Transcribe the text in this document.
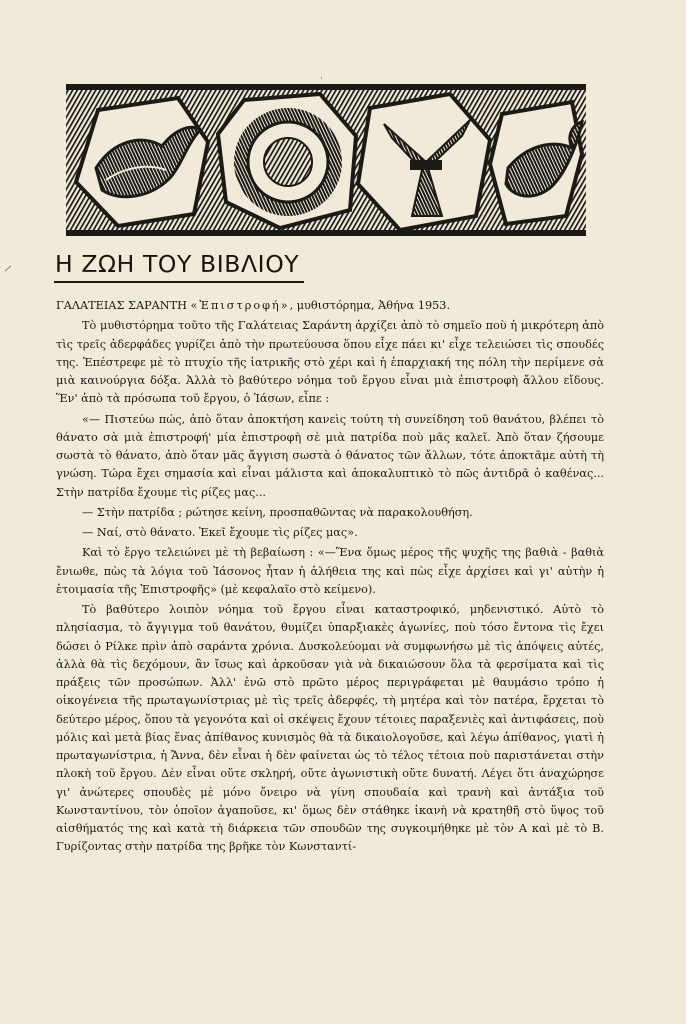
·
Η ΖΩΗ ΤΟΥ ΒΙΒΛΙΟΥ

ΓΑΛΑΤΕΙΑΣ ΣΑΡΑΝΤΗ «Ἐπιστροφή», μυθιστόρημα, Ἀθήνα 1953.

Τὸ μυθιστόρημα τοῦτο τῆς Γαλάτειας Σαράντη ἀρχίζει ἀπὸ τὸ σημεῖο ποὺ ἡ μικρότερη ἀπὸ τὶς τρεῖς ἀδερφάδες γυρίζει ἀπὸ τὴν πρωτεύουσα ὅπου εἶχε πάει κι' εἶχε τελειώσει τὶς σπουδές της. Ἐπέστρεφε μὲ τὸ πτυχίο τῆς ἰατρικῆς στὸ χέρι καὶ ἡ ἐπαρχιακή της πόλη τὴν περίμενε σὰ μιὰ καινούργια δόξα. Ἀλλὰ τὸ βαθύτερο νόημα τοῦ ἔργου εἶναι μιὰ ἐπιστροφὴ ἄλλου εἴδους. Ἕν' ἀπὸ τὰ πρόσωπα τοῦ ἔργου, ὁ Ἰάσων, εἶπε :

«— Πιστεύω πώς, ἀπὸ ὅταν ἀποκτήση κανεὶς τούτη τὴ συνείδηση τοῦ θανάτου, βλέπει τὸ θάνατο σὰ μιὰ ἐπιστροφή' μία ἐπιστροφὴ σὲ μιὰ πατρίδα ποὺ μᾶς καλεῖ. Ἀπὸ ὅταν ζήσουμε σωστὰ τὸ θάνατο, ἀπὸ ὅταν μᾶς ἄγγιση σωστὰ ὁ θάνατος τῶν ἄλλων, τότε ἀποκτᾶμε αὐτὴ τὴ γνώση. Τώρα ἔχει σημασία καὶ εἶναι μάλιστα καὶ ἀποκαλυπτικὸ τὸ πῶς ἀντιδρᾶ ὁ καθένας... Στὴν πατρίδα ἔχουμε τὶς ρίζες μας...

— Στὴν πατρίδα ; ρώτησε κείνη, προσπαθῶντας νὰ παρακολουθήση.

— Ναί, στὸ θάνατο. Ἐκεῖ ἔχουμε τὶς ρίζες μας».

Καὶ τὸ ἔργο τελειώνει μὲ τὴ βεβαίωση : «—Ἕνα ὅμως μέρος τῆς ψυχῆς της βαθιὰ - βαθιὰ ἔνιωθε, πὼς τὰ λόγια τοῦ Ἰάσονος ἦταν ἡ ἀλήθεια της καὶ πὼς εἶχε ἀρχίσει καὶ γι' αὐτὴν ἡ ἑτοιμασία τῆς Ἐπιστροφῆς» (μὲ κεφαλαῖο στὸ κείμενο).

Τὸ βαθύτερο λοιπὸν νόημα τοῦ ἔργου εἶναι καταστροφικό, μηδενιστικό. Αὐτὸ τὸ πλησίασμα, τὸ ἄγγιγμα τοῦ θανάτου, θυμίζει ὑπαρξιακὲς ἀγωνίες, ποὺ τόσο ἔντονα τὶς ἔχει δώσει ὁ Ρίλκε πρὶν ἀπὸ σαράντα χρόνια. Δυσκολεύομαι νὰ συμφωνήσω μὲ τὶς ἀπόψεις αὐτές, ἀλλὰ θὰ τὶς δεχόμουν, ἂν ἴσως καὶ ἀρκοῦσαν γιὰ νὰ δικαιώσουν ὅλα τὰ φερσίματα καὶ τὶς πράξεις τῶν προσώπων. Ἀλλ' ἐνῶ στὸ πρῶτο μέρος περιγράφεται μὲ θαυμάσιο τρόπο ἡ οἰκογένεια τῆς πρωταγωνίστριας μὲ τὶς τρεῖς ἀδερφές, τὴ μητέρα καὶ τὸν πατέρα, ἔρχεται τὸ δεύτερο μέρος, ὅπου τὰ γεγονότα καὶ οἱ σκέψεις ἔχουν τέτοιες παραξενιὲς καὶ ἀντιφάσεις, ποὺ μόλις καὶ μετὰ βίας ἕνας ἀπίθανος κυνισμὸς θὰ τὰ δικαιολογοῦσε, καὶ λέγω ἀπίθανος, γιατὶ ἡ πρωταγωνίστρια, ἡ Ἄννα, δὲν εἶναι ἡ δὲν φαίνεται ὡς τὸ τέλος τέτοια ποὺ παριστάνεται στὴν πλοκὴ τοῦ ἔργου. Δὲν εἶναι οὔτε σκληρή, οὔτε ἀγωνιστικὴ οὔτε δυνατή. Λέγει ὅτι ἀναχώρησε γι' ἀνώτερες σπουδὲς μὲ μόνο ὄνειρο νὰ γίνη σπουδαία καὶ τρανὴ καὶ ἀντάξια τοῦ Κωνσταντίνου, τὸν ὁποῖον ἀγαποῦσε, κι' ὅμως δὲν στάθηκε ἱκανὴ νὰ κρατηθῆ στὸ ὕψος τοῦ αἰσθήματός της καὶ κατὰ τὴ διάρκεια τῶν σπουδῶν της συγκοιμήθηκε μὲ τὸν Α καὶ μὲ τὸ Β. Γυρίζοντας στὴν πατρίδα της βρῆκε τὸν Κωνσταντί-
